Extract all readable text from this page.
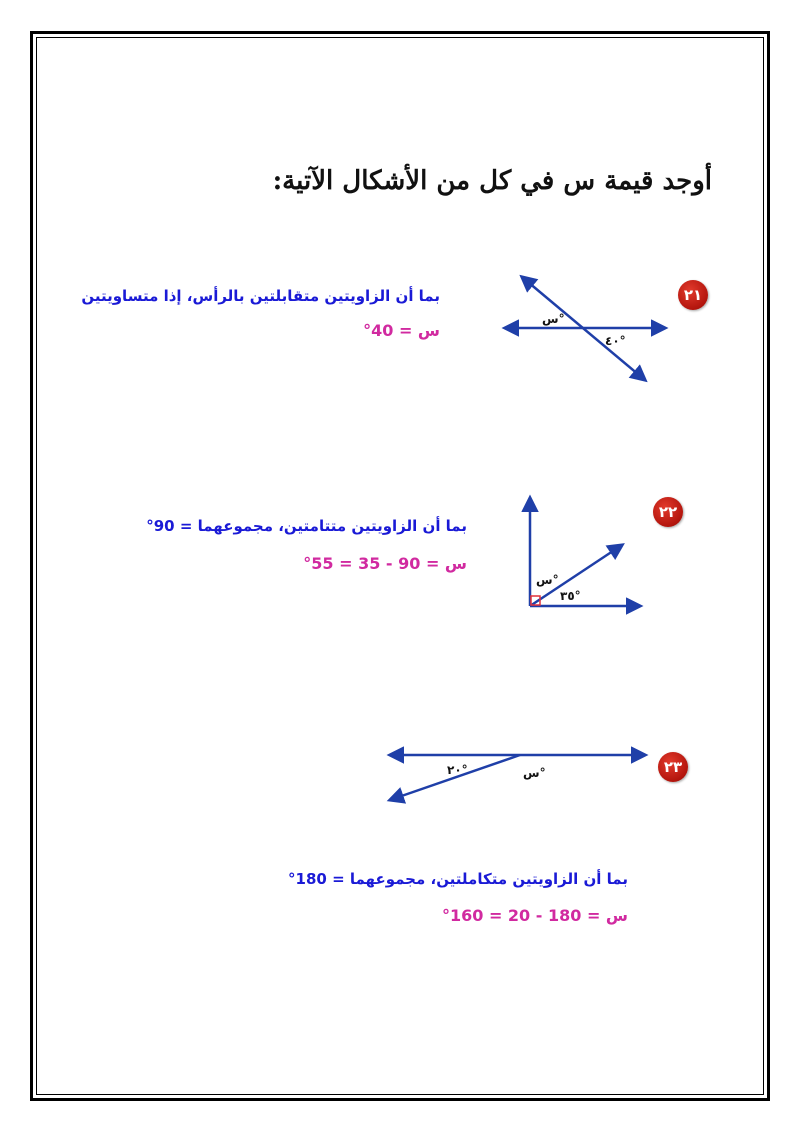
أوجد قيمة س في كل من الأشكال الآتية:
٢١
س°
٤٠°
بما أن الزاويتين متقابلتين بالرأس، إذا متساويتين
س = 40°
٢٢
س°
٣٥°
بما أن الزاويتين متتامتين، مجموعهما = 90°
س = 90 - 35 = 55°
٢٣
٢٠°	س°
بما أن الزاويتين متكاملتين، مجموعهما = 180°
س = 180 - 20 = 160°
